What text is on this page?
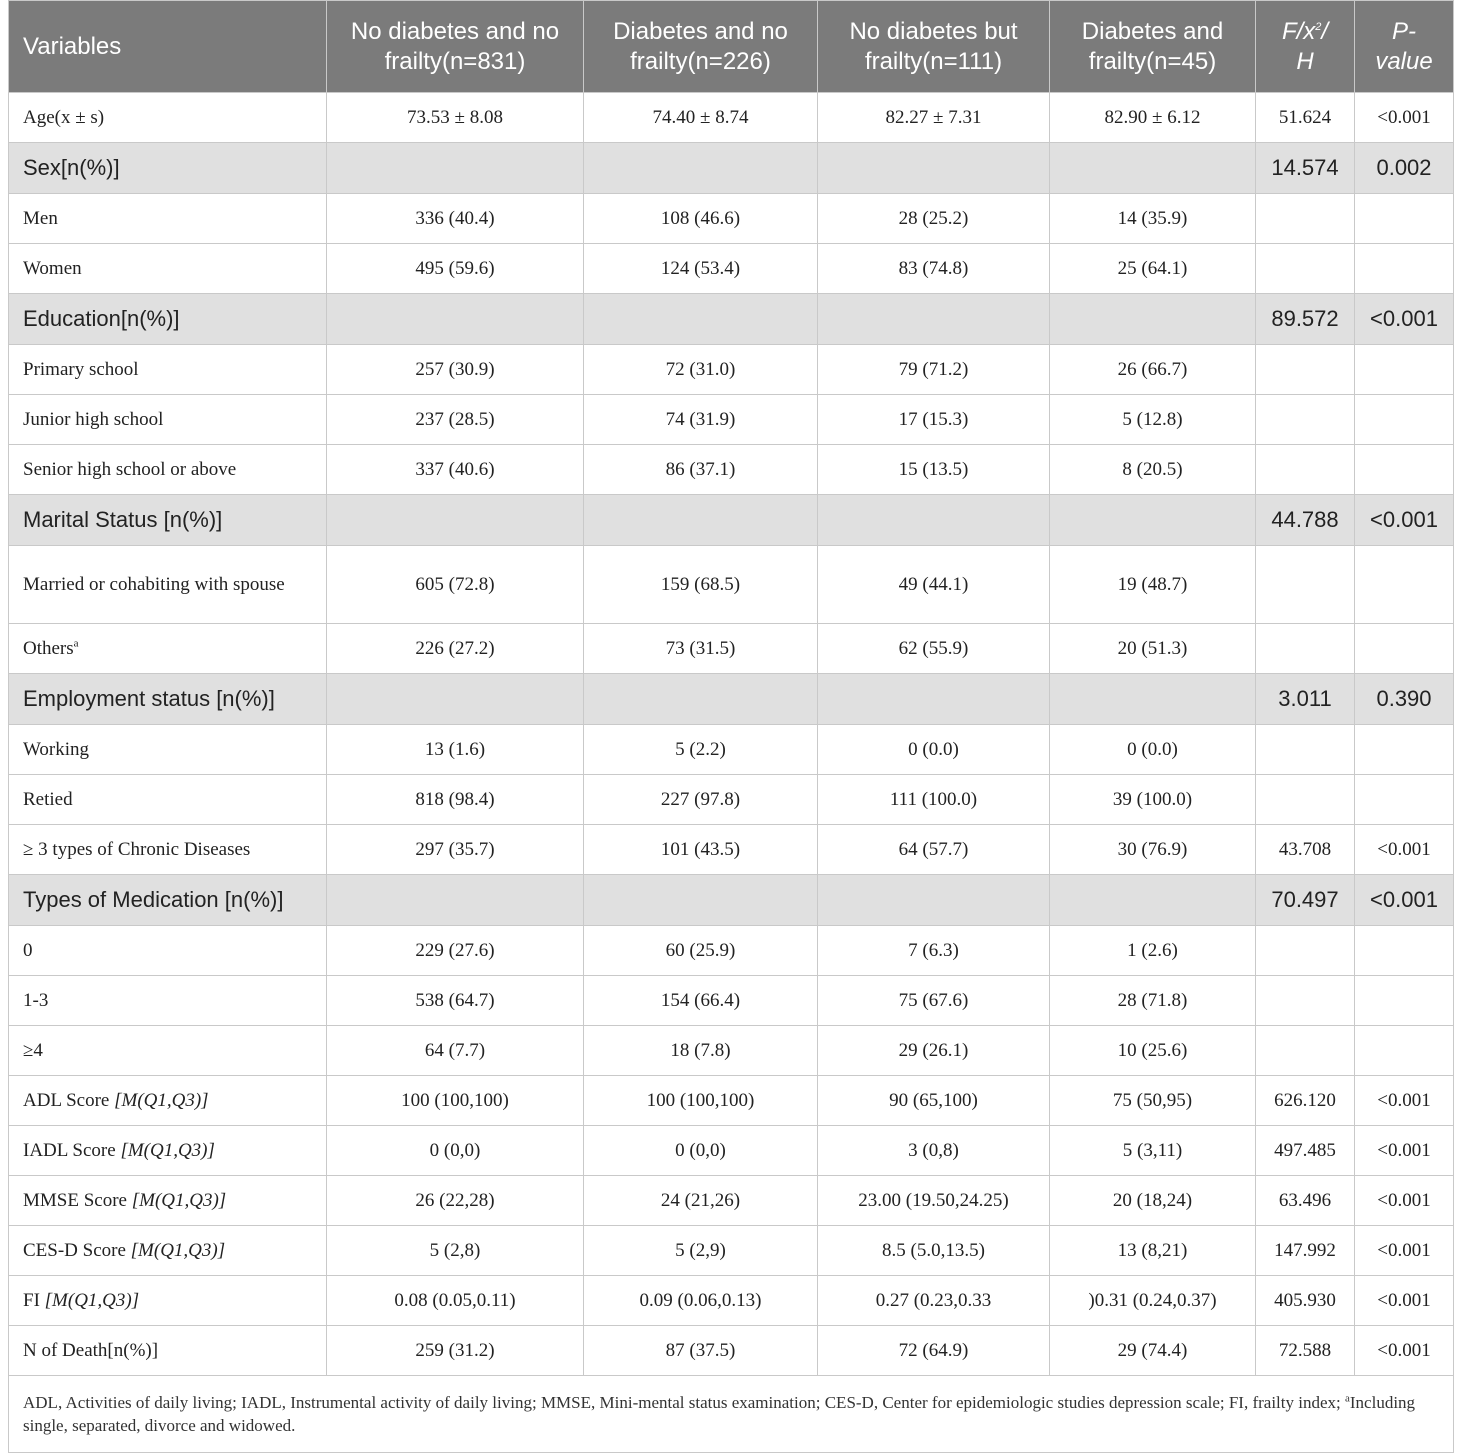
Variables	No diabetes and no frailty(n=831)	Diabetes and no frailty(n=226)	No diabetes but frailty(n=111)	Diabetes and frailty(n=45)	$F/x^2/$ H	P-value
Age(x ± s)	73.53 ± 8.08	74.40 ± 8.74	82.27 ± 7.31	82.90 ± 6.12	51.624	<0.001
Sex[n(%)]					14.574	0.002
Men	336 (40.4)	108 (46.6)	28 (25.2)	14 (35.9)		
Women	495 (59.6)	124 (53.4)	83 (74.8)	25 (64.1)		
Education[n(%)]					89.572	<0.001
Primary school	257 (30.9)	72 (31.0)	79 (71.2)	26 (66.7)		
Junior high school	237 (28.5)	74 (31.9)	17 (15.3)	5 (12.8)		
Senior high school or above	337 (40.6)	86 (37.1)	15 (13.5)	8 (20.5)		
Marital Status [n(%)]					44.788	<0.001
Married or cohabiting with spouse	605 (72.8)	159 (68.5)	49 (44.1)	19 (48.7)		
Others$^a$	226 (27.2)	73 (31.5)	62 (55.9)	20 (51.3)		
Employment status [n(%)]					3.011	0.390
Working	13 (1.6)	5 (2.2)	0 (0.0)	0 (0.0)		
Retied	818 (98.4)	227 (97.8)	111 (100.0)	39 (100.0)		
≥ 3 types of Chronic Diseases	297 (35.7)	101 (43.5)	64 (57.7)	30 (76.9)	43.708	<0.001
Types of Medication [n(%)]					70.497	<0.001
0	229 (27.6)	60 (25.9)	7 (6.3)	1 (2.6)		
1-3	538 (64.7)	154 (66.4)	75 (67.6)	28 (71.8)		
≥4	64 (7.7)	18 (7.8)	29 (26.1)	10 (25.6)		
ADL Score [M(Q1,Q3)]	100 (100,100)	100 (100,100)	90 (65,100)	75 (50,95)	626.120	<0.001
IADL Score [M(Q1,Q3)]	0 (0,0)	0 (0,0)	3 (0,8)	5 (3,11)	497.485	<0.001
MMSE Score [M(Q1,Q3)]	26 (22,28)	24 (21,26)	23.00 (19.50,24.25)	20 (18,24)	63.496	<0.001
CES-D Score [M(Q1,Q3)]	5 (2,8)	5 (2,9)	8.5 (5.0,13.5)	13 (8,21)	147.992	<0.001
FI [M(Q1,Q3)]	0.08 (0.05,0.11)	0.09 (0.06,0.13)	0.27 (0.23,0.33	)0.31 (0.24,0.37)	405.930	<0.001
N of Death[n(%)]	259 (31.2)	87 (37.5)	72 (64.9)	29 (74.4)	72.588	<0.001
ADL, Activities of daily living; IADL, Instrumental activity of daily living; MMSE, Mini-mental status examination; CES-D, Center for epidemiologic studies depression scale; FI, frailty index; $^a$Including single, separated, divorce and widowed.						
